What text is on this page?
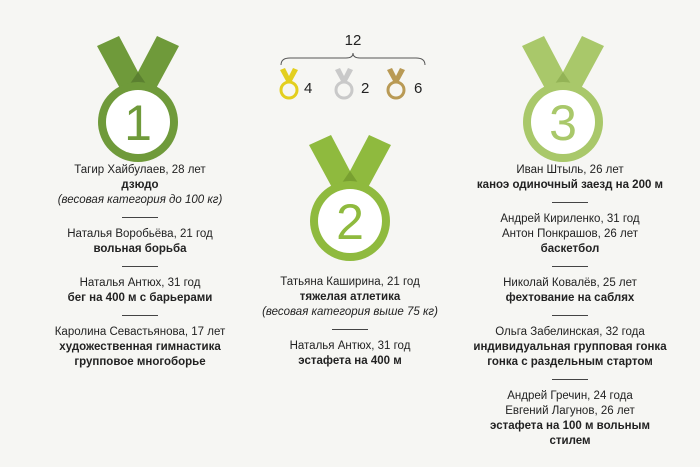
1
2
3
12
4	2	6
Тагир Хайбулаев, 28 лет
дзюдо
(весовая категория до 100 кг)
Наталья Воробьёва, 21 год
вольная борьба
Наталья Антюх, 31 год
бег на 400 м с барьерами
Каролина Севастьянова, 17 лет
художественная гимнастика
групповое многоборье
Татьяна Каширина, 21 год
тяжелая атлетика
(весовая категория выше 75 кг)
Наталья Антюх, 31 год
эстафета на 400 м
Иван Штыль, 26 лет
каноэ одиночный заезд на 200 м
Андрей Кириленко, 31 год
Антон Понкрашов, 26 лет
баскетбол
Николай Ковалёв, 25 лет
фехтование на саблях
Ольга Забелинская, 32 года
индивидуальная групповая гонка
гонка с раздельным стартом
Андрей Гречин, 24 года
Евгений Лагунов, 26 лет
эстафета на 100 м вольным стилем
